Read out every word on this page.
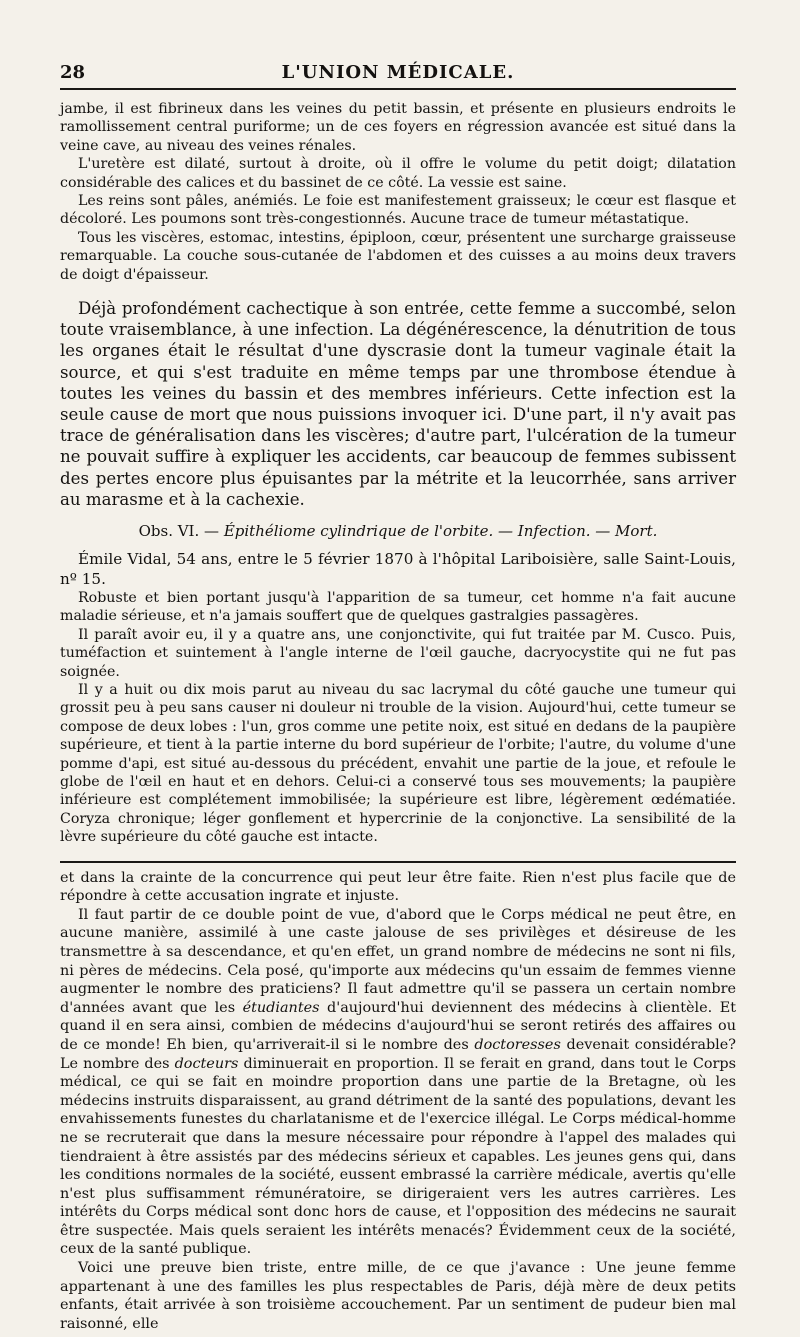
28	L'UNION MÉDICALE.

jambe, il est fibrineux dans les veines du petit bassin, et présente en plusieurs endroits le ramollissement central puriforme; un de ces foyers en régression avancée est situé dans la veine cave, au niveau des veines rénales.

L'uretère est dilaté, surtout à droite, où il offre le volume du petit doigt; dilatation considérable des calices et du bassinet de ce côté. La vessie est saine.

Les reins sont pâles, anémiés. Le foie est manifestement graisseux; le cœur est flasque et décoloré. Les poumons sont très-congestionnés. Aucune trace de tumeur métastatique.

Tous les viscères, estomac, intestins, épiploon, cœur, présentent une surcharge graisseuse remarquable. La couche sous-cutanée de l'abdomen et des cuisses a au moins deux travers de doigt d'épaisseur.

Déjà profondément cachectique à son entrée, cette femme a succombé, selon toute vraisemblance, à une infection. La dégénérescence, la dénutrition de tous les organes était le résultat d'une dyscrasie dont la tumeur vaginale était la source, et qui s'est traduite en même temps par une thrombose étendue à toutes les veines du bassin et des membres inférieurs. Cette infection est la seule cause de mort que nous puissions invoquer ici. D'une part, il n'y avait pas trace de généralisation dans les viscères; d'autre part, l'ulcération de la tumeur ne pouvait suffire à expliquer les accidents, car beaucoup de femmes subissent des pertes encore plus épuisantes par la métrite et la leucorrhée, sans arriver au marasme et à la cachexie.

Obs. VI. — Épithéliome cylindrique de l'orbite. — Infection. — Mort.

Émile Vidal, 54 ans, entre le 5 février 1870 à l'hôpital Lariboisière, salle Saint-Louis, nº 15.

Robuste et bien portant jusqu'à l'apparition de sa tumeur, cet homme n'a fait aucune maladie sérieuse, et n'a jamais souffert que de quelques gastralgies passagères.

Il paraît avoir eu, il y a quatre ans, une conjonctivite, qui fut traitée par M. Cusco. Puis, tuméfaction et suintement à l'angle interne de l'œil gauche, dacryocystite qui ne fut pas soignée.

Il y a huit ou dix mois parut au niveau du sac lacrymal du côté gauche une tumeur qui grossit peu à peu sans causer ni douleur ni trouble de la vision. Aujourd'hui, cette tumeur se compose de deux lobes : l'un, gros comme une petite noix, est situé en dedans de la paupière supérieure, et tient à la partie interne du bord supérieur de l'orbite; l'autre, du volume d'une pomme d'api, est situé au-dessous du précédent, envahit une partie de la joue, et refoule le globe de l'œil en haut et en dehors. Celui-ci a conservé tous ses mouvements; la paupière inférieure est complétement immobilisée; la supérieure est libre, légèrement œdématiée. Coryza chronique; léger gonflement et hypercrinie de la conjonctive. La sensibilité de la lèvre supérieure du côté gauche est intacte.

et dans la crainte de la concurrence qui peut leur être faite. Rien n'est plus facile que de répondre à cette accusation ingrate et injuste.

Il faut partir de ce double point de vue, d'abord que le Corps médical ne peut être, en aucune manière, assimilé à une caste jalouse de ses privilèges et désireuse de les transmettre à sa descendance, et qu'en effet, un grand nombre de médecins ne sont ni fils, ni pères de médecins. Cela posé, qu'importe aux médecins qu'un essaim de femmes vienne augmenter le nombre des praticiens? Il faut admettre qu'il se passera un certain nombre d'années avant que les étudiantes d'aujourd'hui deviennent des médecins à clientèle. Et quand il en sera ainsi, combien de médecins d'aujourd'hui se seront retirés des affaires ou de ce monde! Eh bien, qu'arriverait-il si le nombre des doctoresses devenait considérable? Le nombre des docteurs diminuerait en proportion. Il se ferait en grand, dans tout le Corps médical, ce qui se fait en moindre proportion dans une partie de la Bretagne, où les médecins instruits disparaissent, au grand détriment de la santé des populations, devant les envahissements funestes du charlatanisme et de l'exercice illégal. Le Corps médical-homme ne se recruterait que dans la mesure nécessaire pour répondre à l'appel des malades qui tiendraient à être assistés par des médecins sérieux et capables. Les jeunes gens qui, dans les conditions normales de la société, eussent embrassé la carrière médicale, avertis qu'elle n'est plus suffisamment rémunératoire, se dirigeraient vers les autres carrières. Les intérêts du Corps médical sont donc hors de cause, et l'opposition des médecins ne saurait être suspectée. Mais quels seraient les intérêts menacés? Évidemment ceux de la société, ceux de la santé publique.

Voici une preuve bien triste, entre mille, de ce que j'avance : Une jeune femme appartenant à une des familles les plus respectables de Paris, déjà mère de deux petits enfants, était arrivée à son troisième accouchement. Par un sentiment de pudeur bien mal raisonné, elle
